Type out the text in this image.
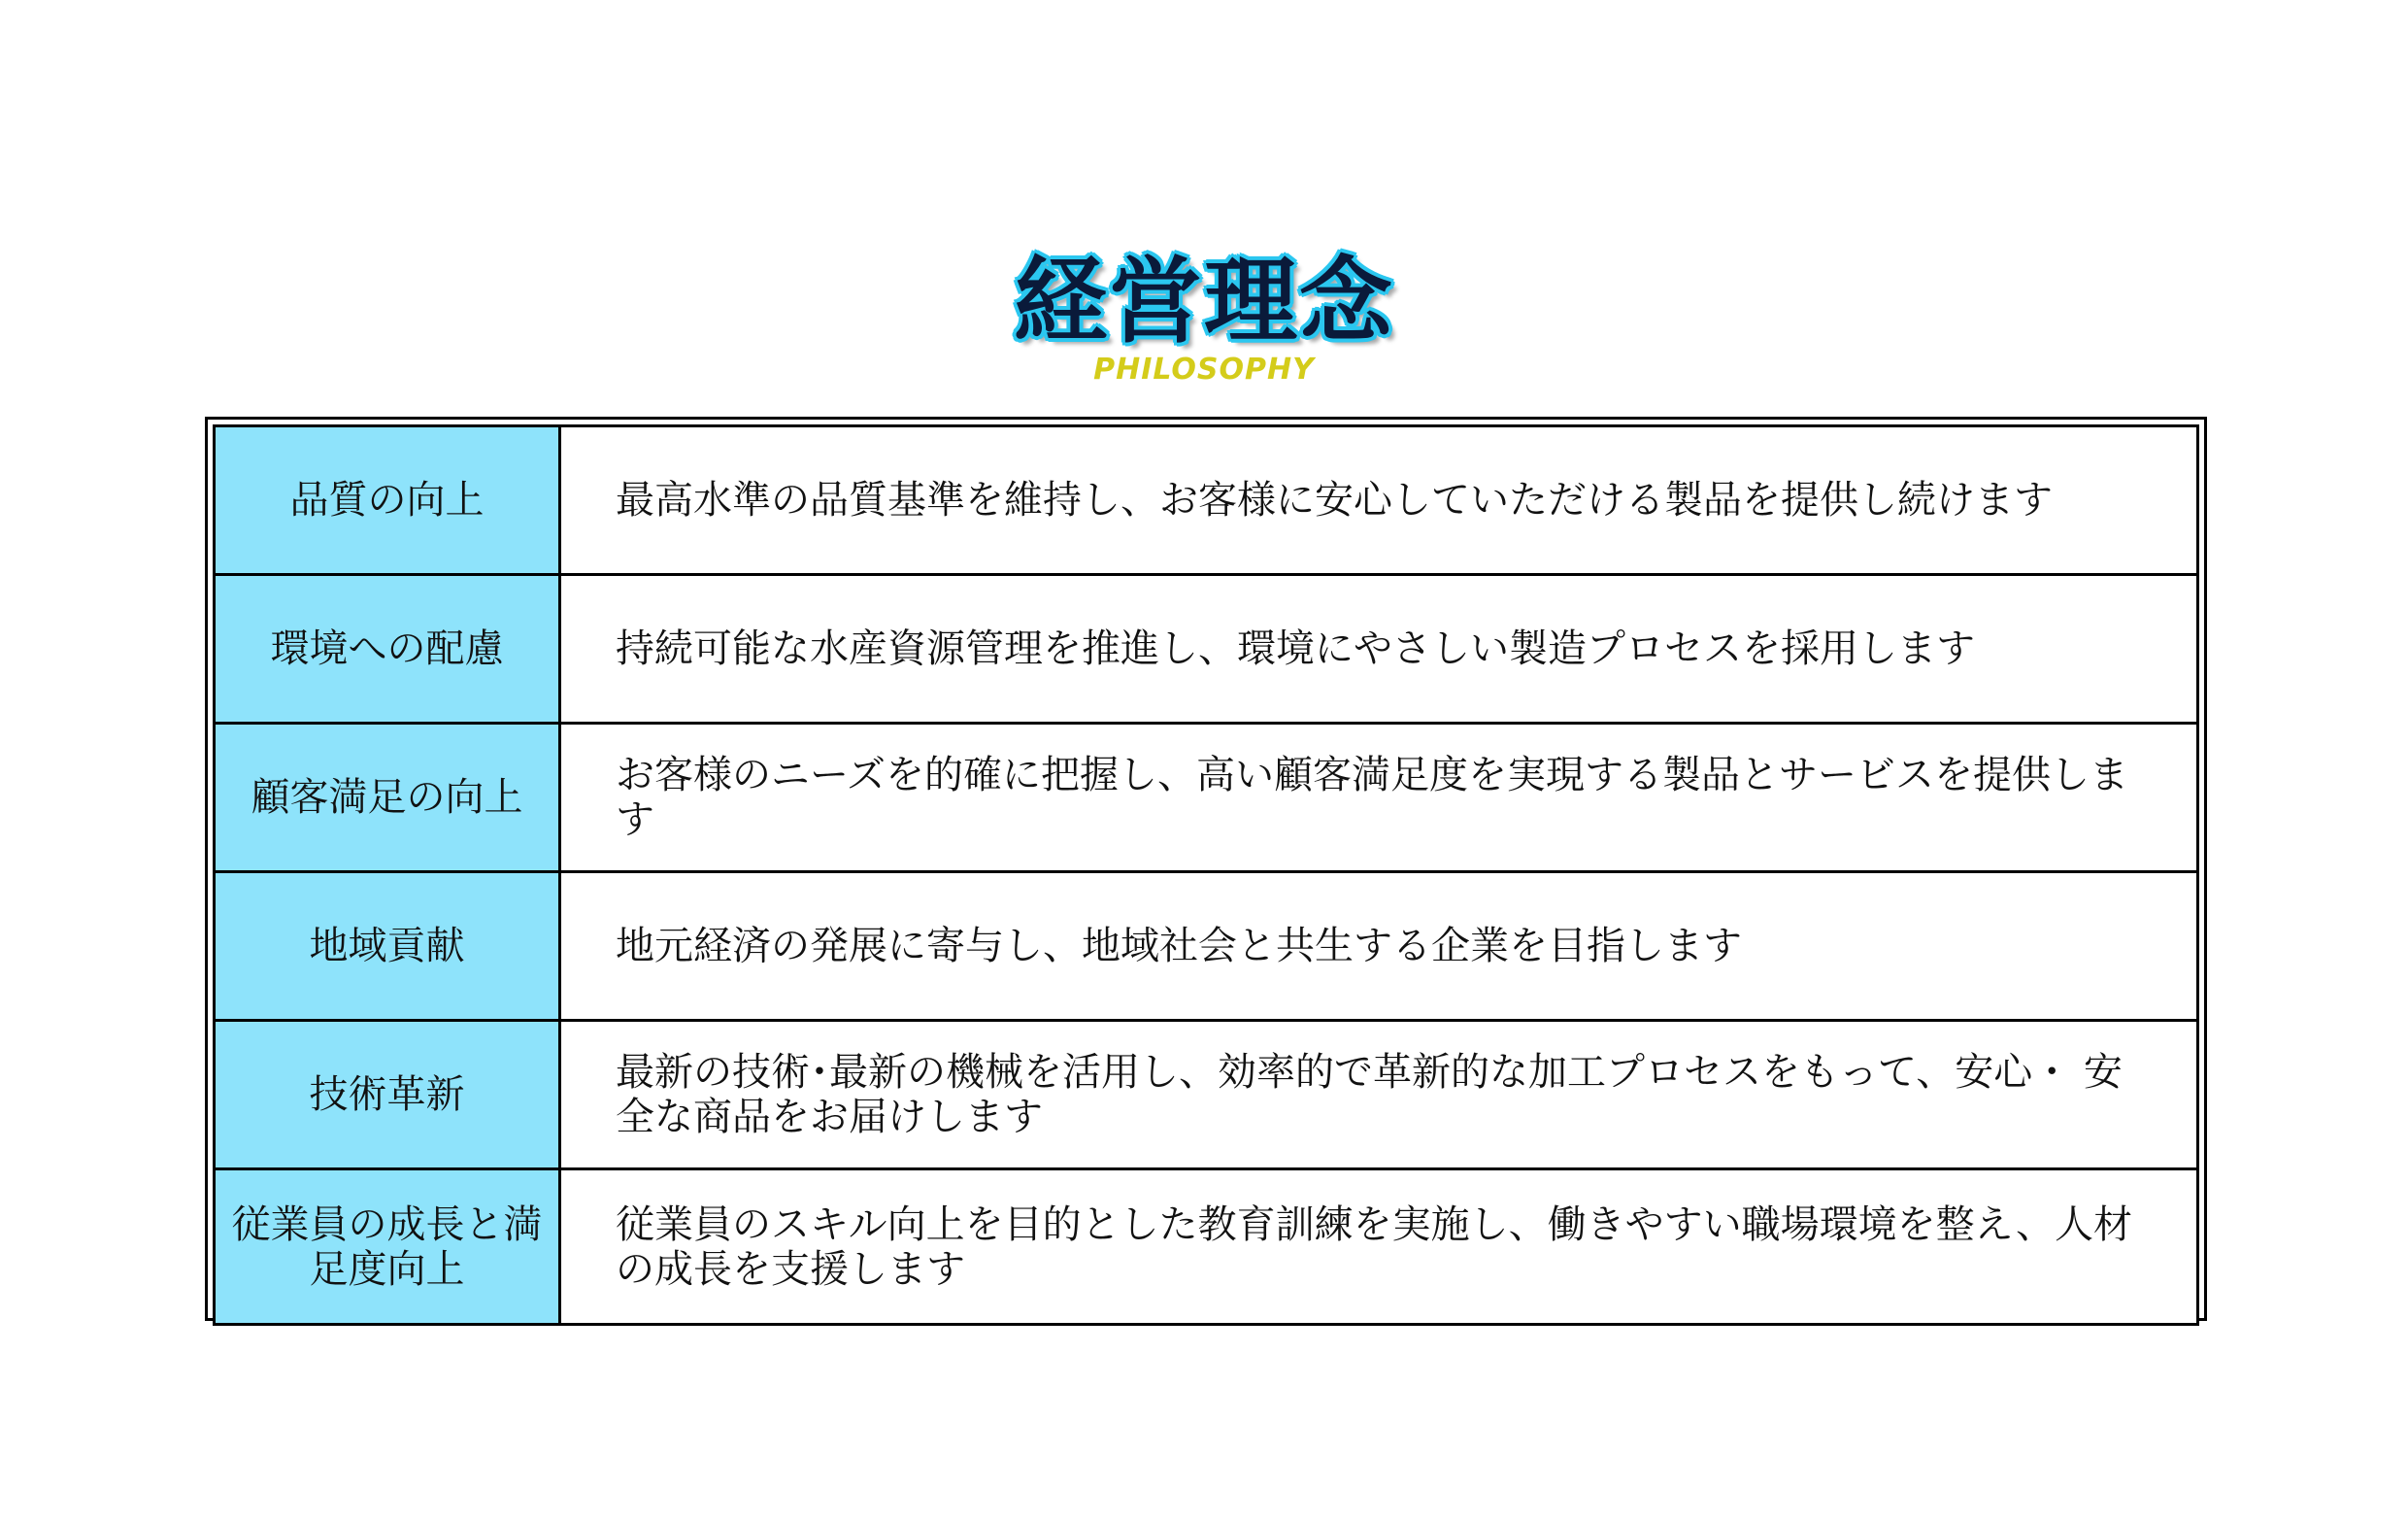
経営理念
PHILOSOPHY
品質の向上	最高水準の品質基準を維持し、お客様に安心していただける製品を提供し続けます
環境への配慮	持続可能な水産資源管理を推進し、環境にやさしい製造プロセスを採用します
顧客満足の向上	お客様のニーズを的確に把握し、高い顧客満足度を実現する製品とサービスを提供します
地域貢献	地元経済の発展に寄与し、地域社会と共生する企業を目指します
技術革新	最新の技術･最新の機械を活用し、効率的で革新的な加工プロセスをもって、安心・ 安全な商品をお届けします
従業員の成長と満足度向上	従業員のスキル向上を目的とした教育訓練を実施し、働きやすい職場環境を整え、人材の成長を支援します
